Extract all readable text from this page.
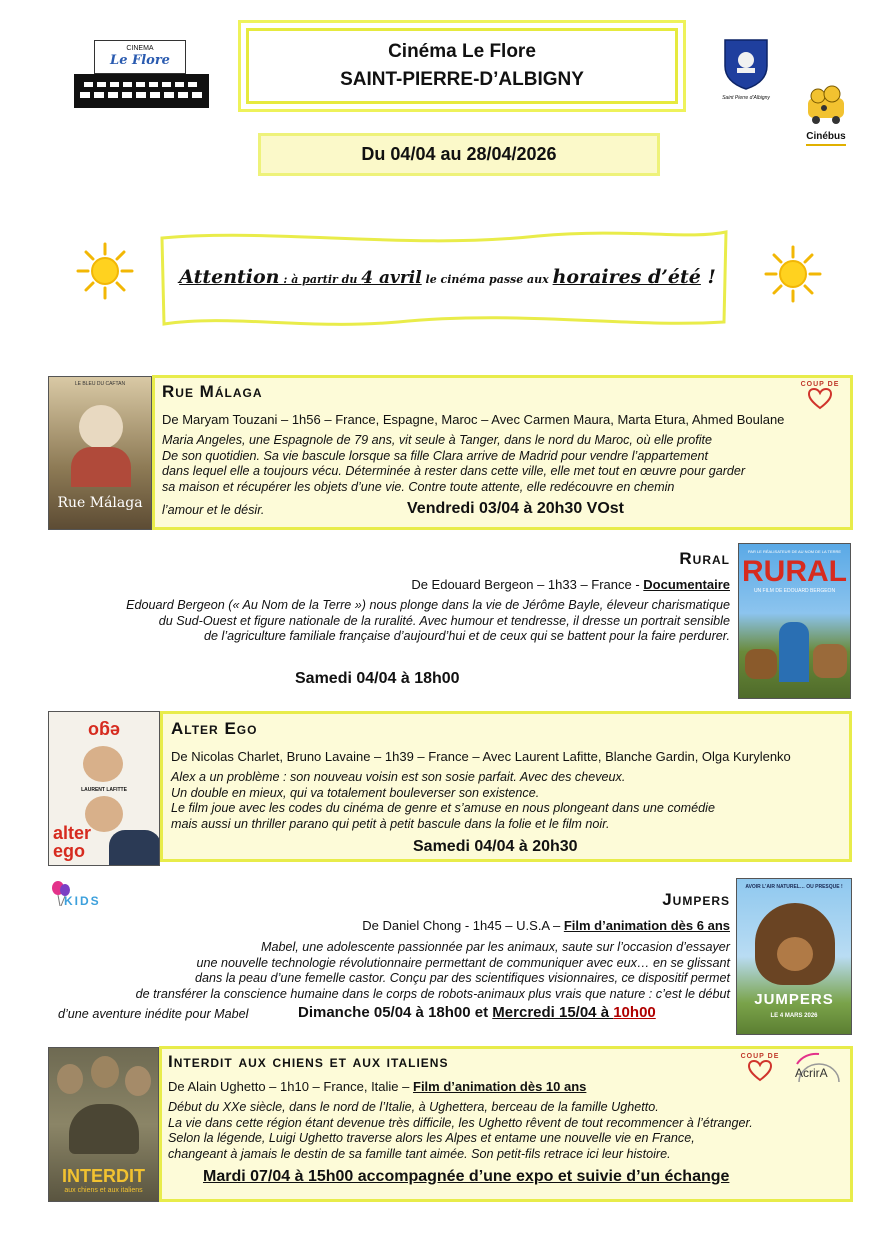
CINEMA
Le Flore	Cinéma Le Flore
SAINT-PIERRE-D’ALBIGNY
Saint Pierre d’Albigny
Cinébus
Du 04/04 au 28/04/2026
Attention : à partir du 4 avril le cinéma passe aux horaires d’été !
LE BLEU DU CAFTAN
Rue Málaga
Rue Málaga	COUP DE
De Maryam Touzani – 1h56 – France, Espagne, Maroc – Avec Carmen Maura, Marta Etura, Ahmed Boulane
Maria Angeles, une Espagnole de 79 ans, vit seule à Tanger, dans le nord du Maroc, où elle profite
De son quotidien. Sa vie bascule lorsque sa fille Clara arrive de Madrid pour vendre l’appartement
dans lequel elle a toujours vécu. Déterminée à rester dans cette ville, elle met tout en œuvre pour garder
sa maison et récupérer les objets d’une vie. Contre toute attente, elle redécouvre en chemin
l’amour et le désir.	Vendredi 03/04 à 20h30 VOst
Rural
De Edouard Bergeon – 1h33 – France - Documentaire
Edouard Bergeon (« Au Nom de la Terre ») nous plonge dans la vie de Jérôme Bayle, éleveur charismatique
du Sud-Ouest et figure nationale de la ruralité. Avec humour et tendresse, il dresse un portrait sensible
de l’agriculture familiale française d’aujourd’hui et de ceux qui se battent pour la faire perdurer.
Samedi 04/04 à 18h00
PAR LE RÉALISATEUR DE AU NOM DE LA TERRE
RURAL
UN FILM DE EDOUARD BERGEON
ego
LAURENT LAFITTE
alter
ego
Alter Ego
De Nicolas Charlet, Bruno Lavaine – 1h39 – France – Avec Laurent Lafitte, Blanche Gardin, Olga Kurylenko
Alex a un problème : son nouveau voisin est son sosie parfait. Avec des cheveux.
Un double en mieux, qui va totalement bouleverser son existence.
Le film joue avec les codes du cinéma de genre et s’amuse en nous plongeant dans une comédie
mais aussi un thriller parano qui petit à petit bascule dans la folie et le film noir.
Samedi 04/04 à 20h30
KIDS	Jumpers
De Daniel Chong - 1h45 – U.S.A – Film d’animation dès 6 ans
Mabel, une adolescente passionnée par les animaux, saute sur l’occasion d’essayer
une nouvelle technologie révolutionnaire permettant de communiquer avec eux… en se glissant
dans la peau d’une femelle castor. Conçu par des scientifiques visionnaires, ce dispositif permet
de transférer la conscience humaine dans le corps de robots-animaux plus vrais que nature : c’est le début
d’une aventure inédite pour Mabel	Dimanche 05/04 à 18h00 et Mercredi 15/04 à 10h00
AVOIR L’AIR NATUREL… OU PRESQUE !
JUMPERS
LE 4 MARS 2026
INTERDIT
aux chiens et aux italiens
Interdit aux chiens et aux italiens	COUP DE
AcrirA
De Alain Ughetto – 1h10 – France, Italie – Film d’animation dès 10 ans
Début du XXe siècle, dans le nord de l’Italie, à Ughettera, berceau de la famille Ughetto.
La vie dans cette région étant devenue très difficile, les Ughetto rêvent de tout recommencer à l’étranger.
Selon la légende, Luigi Ughetto traverse alors les Alpes et entame une nouvelle vie en France,
changeant à jamais le destin de sa famille tant aimée. Son petit-fils retrace ici leur histoire.
Mardi 07/04 à 15h00 accompagnée d’une expo et suivie d’un échange
